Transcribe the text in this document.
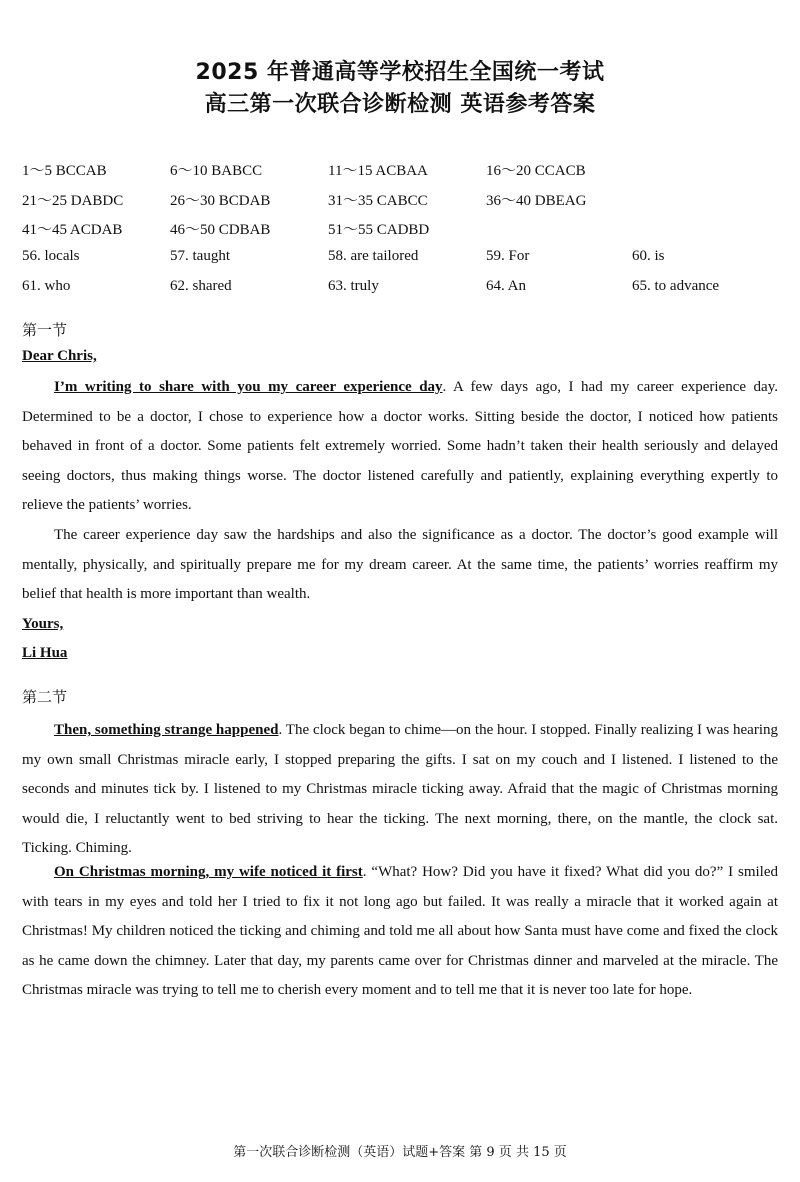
2025 年普通高等学校招生全国统一考试
高三第一次联合诊断检测 英语参考答案
1～5 BCCAB	6～10 BABCC	11～15 ACBAA	16～20 CCACB
21～25 DABDC	26～30 BCDAB	31～35 CABCC	36～40 DBEAG
41～45 ACDAB	46～50 CDBAB	51～55 CADBD
56. locals	57. taught	58. are tailored	59. For	60. is
61. who	62. shared	63. truly	64. An	65. to advance
第一节
Dear Chris,
I’m writing to share with you my career experience day. A few days ago, I had my career experience day. Determined to be a doctor, I chose to experience how a doctor works. Sitting beside the doctor, I noticed how patients behaved in front of a doctor. Some patients felt extremely worried. Some hadn’t taken their health seriously and delayed seeing doctors, thus making things worse. The doctor listened carefully and patiently, explaining everything expertly to relieve the patients’ worries.
The career experience day saw the hardships and also the significance as a doctor. The doctor’s good example will mentally, physically, and spiritually prepare me for my dream career. At the same time, the patients’ worries reaffirm my belief that health is more important than wealth.
Yours,
Li Hua
第二节
Then, something strange happened. The clock began to chime—on the hour. I stopped. Finally realizing I was hearing my own small Christmas miracle early, I stopped preparing the gifts. I sat on my couch and I listened. I listened to the seconds and minutes tick by. I listened to my Christmas miracle ticking away. Afraid that the magic of Christmas morning would die, I reluctantly went to bed striving to hear the ticking. The next morning, there, on the mantle, the clock sat. Ticking. Chiming.
On Christmas morning, my wife noticed it first. “What? How? Did you have it fixed? What did you do?” I smiled with tears in my eyes and told her I tried to fix it not long ago but failed. It was really a miracle that it worked again at Christmas! My children noticed the ticking and chiming and told me all about how Santa must have come and fixed the clock as he came down the chimney. Later that day, my parents came over for Christmas dinner and marveled at the miracle. The Christmas miracle was trying to tell me to cherish every moment and to tell me that it is never too late for hope.
第一次联合诊断检测（英语）试题+答案 第 9 页 共 15 页
